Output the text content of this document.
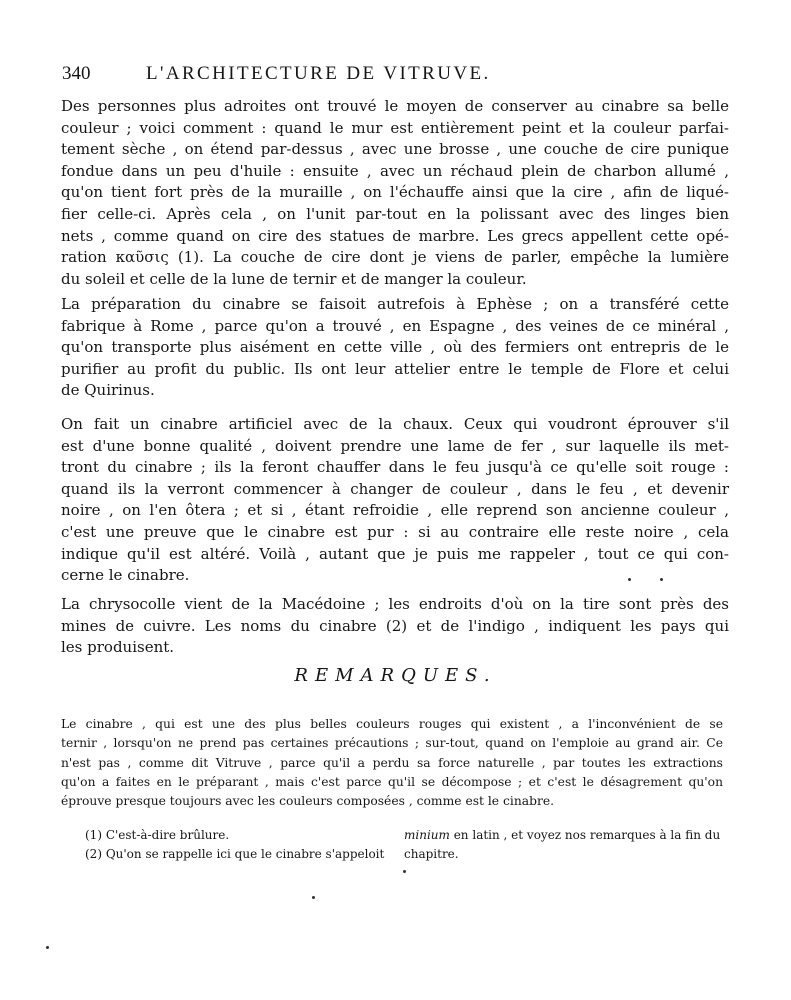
340	L'ARCHITECTURE DE VITRUVE.

Des personnes plus adroites ont trouvé le moyen de conserver au cinabre sa belle
couleur ; voici comment : quand le mur est entièrement peint et la couleur parfai-
tement sèche , on étend par-dessus , avec une brosse , une couche de cire punique
fondue dans un peu d'huile : ensuite , avec un réchaud plein de charbon allumé ,
qu'on tient fort près de la muraille , on l'échauffe ainsi que la cire , afin de liqué-
fier celle-ci. Après cela , on l'unit par-tout en la polissant avec des linges bien
nets , comme quand on cire des statues de marbre. Les grecs appellent cette opé-
ration καῦσις (1). La couche de cire dont je viens de parler, empêche la lumière
du soleil et celle de la lune de ternir et de manger la couleur.

La préparation du cinabre se faisoit autrefois à Ephèse ; on a transféré cette
fabrique à Rome , parce qu'on a trouvé , en Espagne , des veines de ce minéral ,
qu'on transporte plus aisément en cette ville , où des fermiers ont entrepris de le
purifier au profit du public. Ils ont leur attelier entre le temple de Flore et celui
de Quirinus.

On fait un cinabre artificiel avec de la chaux. Ceux qui voudront éprouver s'il
est d'une bonne qualité , doivent prendre une lame de fer , sur laquelle ils met-
tront du cinabre ; ils la feront chauffer dans le feu jusqu'à ce qu'elle soit rouge :
quand ils la verront commencer à changer de couleur , dans le feu , et devenir
noire , on l'en ôtera ; et si , étant refroidie , elle reprend son ancienne couleur ,
c'est une preuve que le cinabre est pur : si au contraire elle reste noire , cela
indique qu'il est altéré. Voilà , autant que je puis me rappeler , tout ce qui con-
cerne le cinabre.

La chrysocolle vient de la Macédoine ; les endroits d'où on la tire sont près des
mines de cuivre. Les noms du cinabre (2) et de l'indigo , indiquent les pays qui
les produisent.

REMARQUES.

Le cinabre , qui est une des plus belles couleurs rouges qui existent , a l'inconvénient de se
ternir , lorsqu'on ne prend pas certaines précautions ; sur-tout, quand on l'emploie au grand air. Ce
n'est pas , comme dit Vitruve , parce qu'il a perdu sa force naturelle , par toutes les extractions
qu'on a faites en le préparant , mais c'est parce qu'il se décompose ; et c'est le désagrement qu'on
éprouve presque toujours avec les couleurs composées , comme est le cinabre.

(1) C'est-à-dire brûlure.
(2) Qu'on se rappelle ici que le cinabre s'appeloit
minium en latin , et voyez nos remarques à la fin du
chapitre.
